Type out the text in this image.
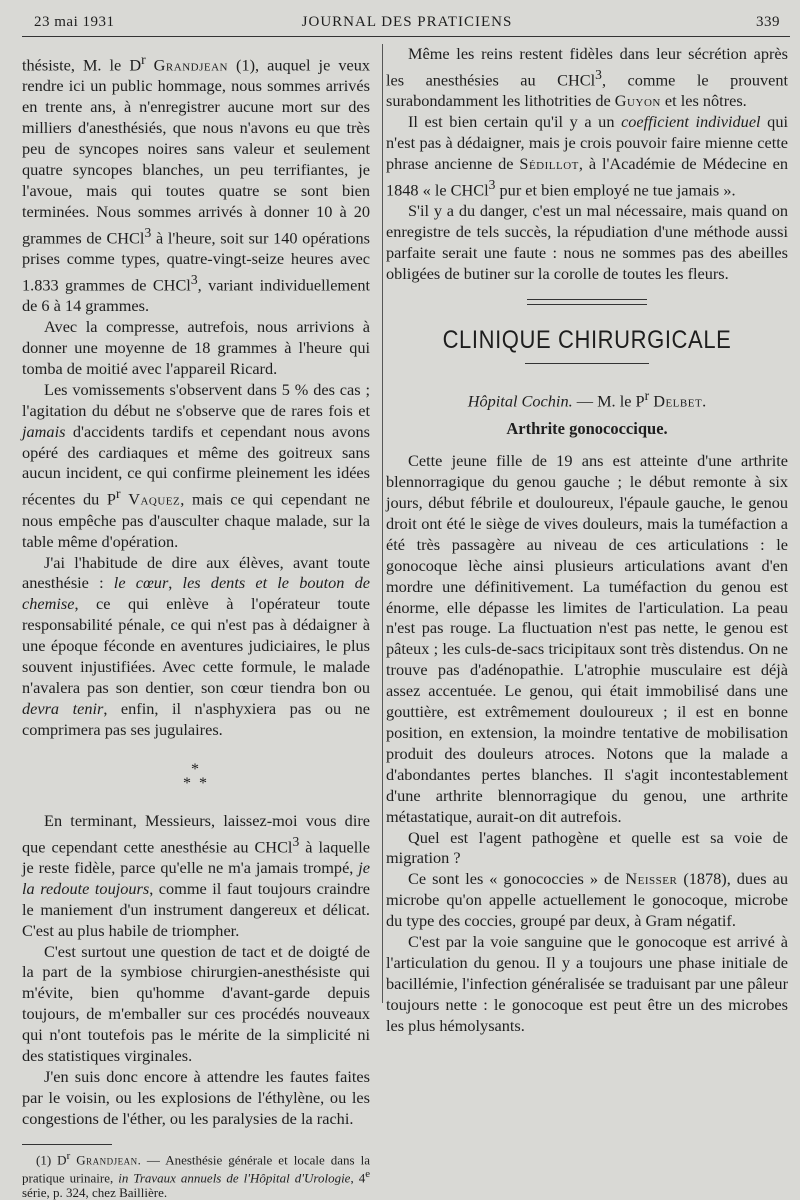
23 mai 1931	JOURNAL DES PRATICIENS	339

thésiste, M. le $D^r$ Grandjean (1), auquel je veux rendre ici un public hommage, nous sommes arrivés en trente ans, à n'enregistrer aucune mort sur des milliers d'anesthésiés, que nous n'avons eu que très peu de syncopes noires sans valeur et seulement quatre syncopes blanches, un peu terrifiantes, je l'avoue, mais qui toutes quatre se sont bien terminées. Nous sommes arrivés à donner 10 à 20 grammes de CHCl$^3$ à l'heure, soit sur 140 opérations prises comme types, quatre-vingt-seize heures avec 1.833 grammes de CHCl$^3$, variant individuellement de 6 à 14 grammes.

Avec la compresse, autrefois, nous arrivions à donner une moyenne de 18 grammes à l'heure qui tomba de moitié avec l'appareil Ricard.

Les vomissements s'observent dans 5 % des cas ; l'agitation du début ne s'observe que de rares fois et jamais d'accidents tardifs et cependant nous avons opéré des cardiaques et même des goitreux sans aucun incident, ce qui confirme pleinement les idées récentes du $P^r$ Vaquez, mais ce qui cependant ne nous empêche pas d'ausculter chaque malade, sur la table même d'opération.

J'ai l'habitude de dire aux élèves, avant toute anesthésie : le cœur, les dents et le bouton de chemise, ce qui enlève à l'opérateur toute responsabilité pénale, ce qui n'est pas à dédaigner à une époque féconde en aventures judiciaires, le plus souvent injustifiées. Avec cette formule, le malade n'avalera pas son dentier, son cœur tiendra bon ou devra tenir, enfin, il n'asphyxiera pas ou ne comprimera pas ses jugulaires.

*
* *

En terminant, Messieurs, laissez-moi vous dire que cependant cette anesthésie au CHCl$^3$ à laquelle je reste fidèle, parce qu'elle ne m'a jamais trompé, je la redoute toujours, comme il faut toujours craindre le maniement d'un instrument dangereux et délicat. C'est au plus habile de triompher.

C'est surtout une question de tact et de doigté de la part de la symbiose chirurgien-anesthésiste qui m'évite, bien qu'homme d'avant-garde depuis toujours, de m'emballer sur ces procédés nouveaux qui n'ont toutefois pas le mérite de la simplicité ni des statistiques virginales.

J'en suis donc encore à attendre les fautes faites par le voisin, ou les explosions de l'éthylène, ou les congestions de l'éther, ou les paralysies de la rachi.

(1) $D^r$ Grandjean. — Anesthésie générale et locale dans la pratique urinaire, in Travaux annuels de l'Hôpital d'Urologie, 4e série, p. 324, chez Baillière.

Même les reins restent fidèles dans leur sécrétion après les anesthésies au CHCl$^3$, comme le prouvent surabondamment les lithotrities de Guyon et les nôtres.

Il est bien certain qu'il y a un coefficient individuel qui n'est pas à dédaigner, mais je crois pouvoir faire mienne cette phrase ancienne de Sédillot, à l'Académie de Médecine en 1848 « le CHCl$^3$ pur et bien employé ne tue jamais ».

S'il y a du danger, c'est un mal nécessaire, mais quand on enregistre de tels succès, la répudiation d'une méthode aussi parfaite serait une faute : nous ne sommes pas des abeilles obligées de butiner sur la corolle de toutes les fleurs.

CLINIQUE CHIRURGICALE

Hôpital Cochin. — M. le $P^r$ Delbet.

Arthrite gonococcique.

Cette jeune fille de 19 ans est atteinte d'une arthrite blennorragique du genou gauche ; le début remonte à six jours, début fébrile et douloureux, l'épaule gauche, le genou droit ont été le siège de vives douleurs, mais la tuméfaction a été très passagère au niveau de ces articulations : le gonocoque lèche ainsi plusieurs articulations avant d'en mordre une définitivement. La tuméfaction du genou est énorme, elle dépasse les limites de l'articulation. La peau n'est pas rouge. La fluctuation n'est pas nette, le genou est pâteux ; les culs-de-sacs tricipitaux sont très distendus. On ne trouve pas d'adénopathie. L'atrophie musculaire est déjà assez accentuée. Le genou, qui était immobilisé dans une gouttière, est extrêmement douloureux ; il est en bonne position, en extension, la moindre tentative de mobilisation produit des douleurs atroces. Notons que la malade a d'abondantes pertes blanches. Il s'agit incontestablement d'une arthrite blennorragique du genou, une arthrite métastatique, aurait-on dit autrefois.

Quel est l'agent pathogène et quelle est sa voie de migration ?

Ce sont les « gonococcies » de Neisser (1878), dues au microbe qu'on appelle actuellement le gonocoque, microbe du type des coccies, groupé par deux, à Gram négatif.

C'est par la voie sanguine que le gonocoque est arrivé à l'articulation du genou. Il y a toujours une phase initiale de bacillémie, l'infection généralisée se traduisant par une pâleur toujours nette : le gonocoque est peut être un des microbes les plus hémolysants.
